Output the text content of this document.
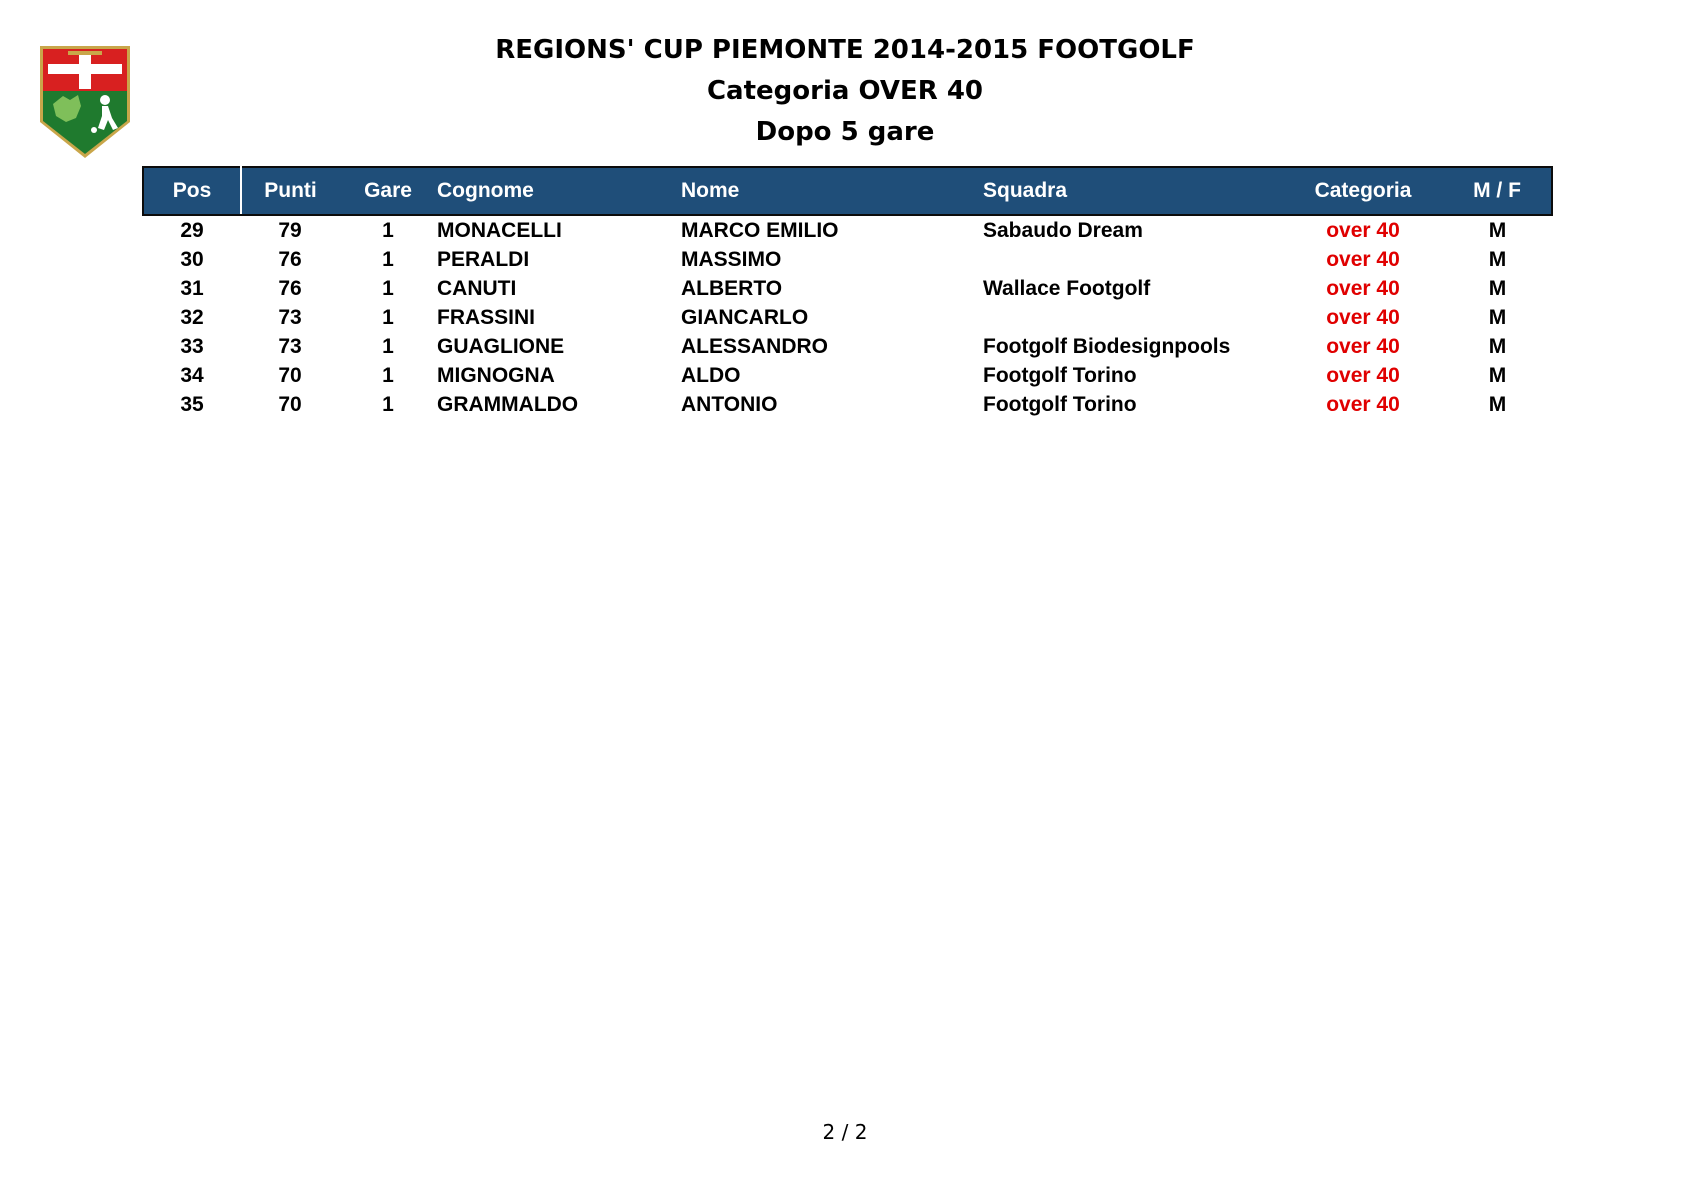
REGIONS' CUP PIEMONTE 2014-2015 FOOTGOLF
Categoria OVER 40
Dopo 5 gare
Pos	Punti	Gare	Cognome	Nome	Squadra	Categoria	M / F
29	79	1	MONACELLI	MARCO EMILIO	Sabaudo Dream	over 40	M
30	76	1	PERALDI	MASSIMO		over 40	M
31	76	1	CANUTI	ALBERTO	Wallace Footgolf	over 40	M
32	73	1	FRASSINI	GIANCARLO		over 40	M
33	73	1	GUAGLIONE	ALESSANDRO	Footgolf Biodesignpools	over 40	M
34	70	1	MIGNOGNA	ALDO	Footgolf Torino	over 40	M
35	70	1	GRAMMALDO	ANTONIO	Footgolf Torino	over 40	M
2 / 2
